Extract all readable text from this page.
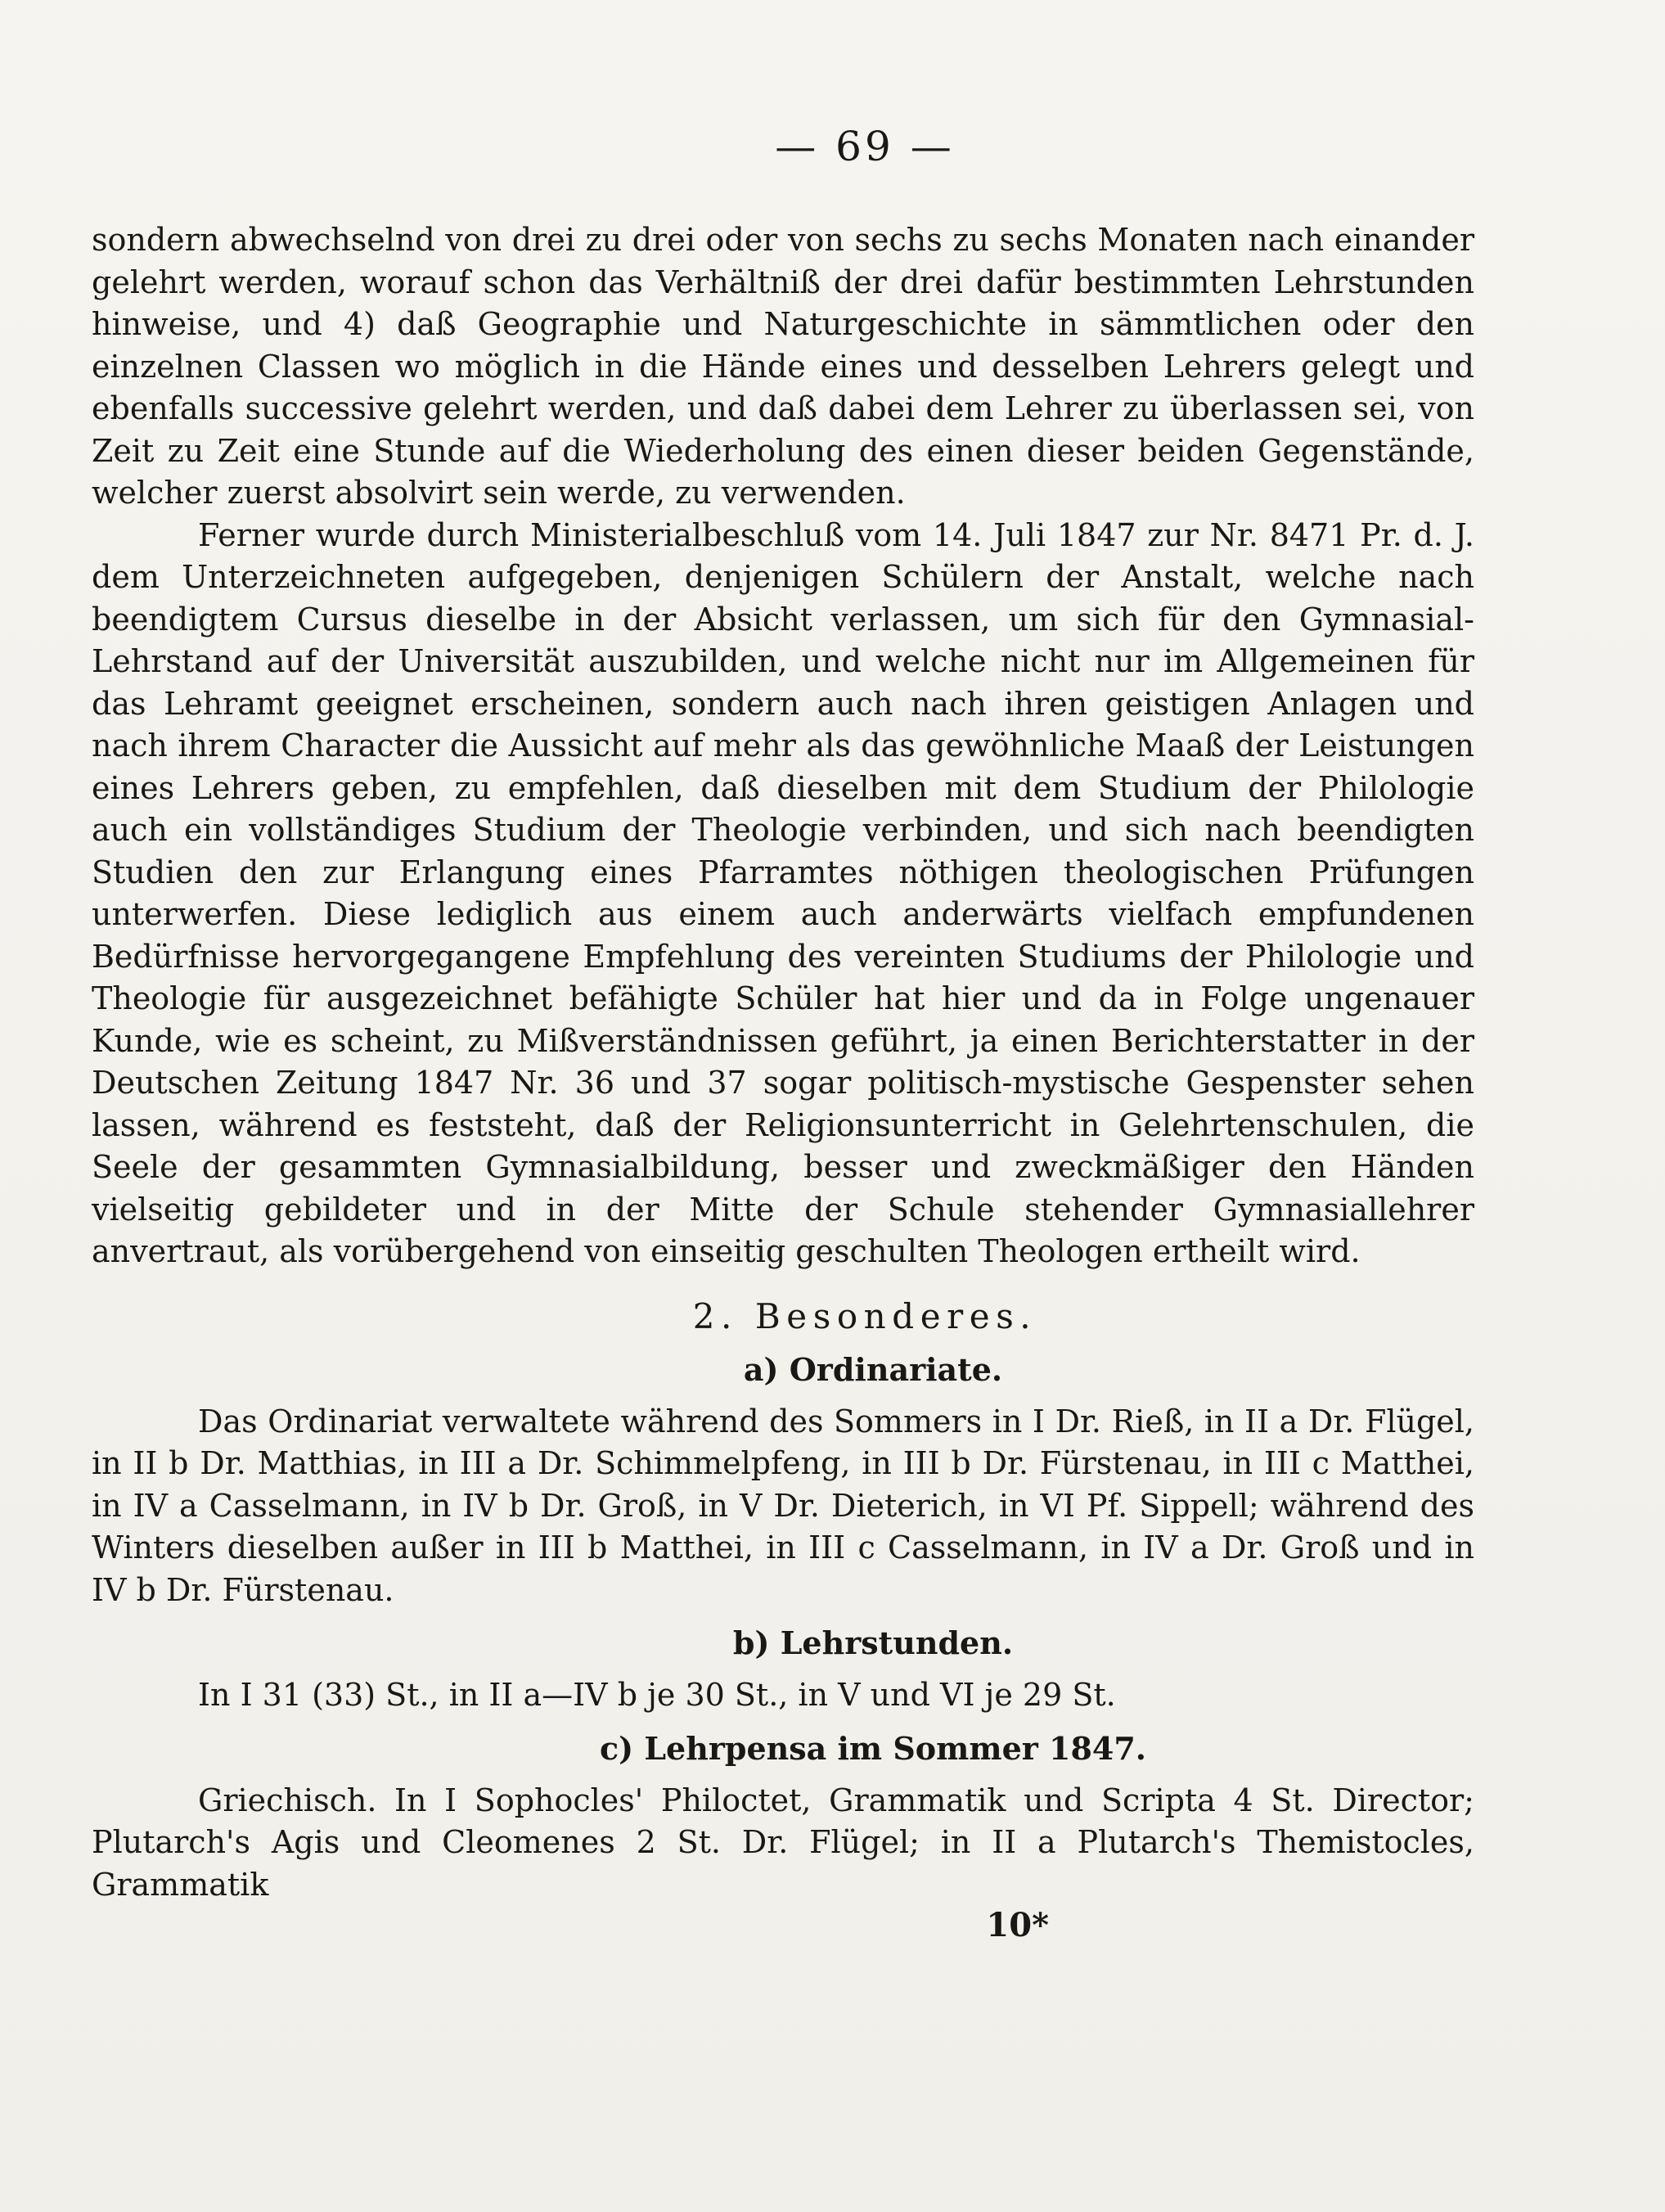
— 69 —

sondern abwechselnd von drei zu drei oder von sechs zu sechs Monaten nach einander gelehrt werden, worauf schon das Verhältniß der drei dafür bestimmten Lehrstunden hinweise, und 4) daß Geographie und Naturgeschichte in sämmtlichen oder den einzelnen Classen wo möglich in die Hände eines und desselben Lehrers gelegt und ebenfalls successive gelehrt werden, und daß dabei dem Lehrer zu überlassen sei, von Zeit zu Zeit eine Stunde auf die Wiederholung des einen dieser beiden Gegenstände, welcher zuerst absolvirt sein werde, zu verwenden.

Ferner wurde durch Ministerialbeschluß vom 14. Juli 1847 zur Nr. 8471 Pr. d. J. dem Unterzeichneten aufgegeben, denjenigen Schülern der Anstalt, welche nach beendigtem Cursus dieselbe in der Absicht verlassen, um sich für den Gymnasial-Lehrstand auf der Universität auszubilden, und welche nicht nur im Allgemeinen für das Lehramt geeignet erscheinen, sondern auch nach ihren geistigen Anlagen und nach ihrem Character die Aussicht auf mehr als das gewöhnliche Maaß der Leistungen eines Lehrers geben, zu empfehlen, daß dieselben mit dem Studium der Philologie auch ein vollständiges Studium der Theologie verbinden, und sich nach beendigten Studien den zur Erlangung eines Pfarramtes nöthigen theologischen Prüfungen unterwerfen. Diese lediglich aus einem auch anderwärts vielfach empfundenen Bedürfnisse hervorgegangene Empfehlung des vereinten Studiums der Philologie und Theologie für ausgezeichnet befähigte Schüler hat hier und da in Folge ungenauer Kunde, wie es scheint, zu Mißverständnissen geführt, ja einen Berichterstatter in der Deutschen Zeitung 1847 Nr. 36 und 37 sogar politisch-mystische Gespenster sehen lassen, während es feststeht, daß der Religionsunterricht in Gelehrtenschulen, die Seele der gesammten Gymnasialbildung, besser und zweckmäßiger den Händen vielseitig gebildeter und in der Mitte der Schule stehender Gymnasiallehrer anvertraut, als vorübergehend von einseitig geschulten Theologen ertheilt wird.

2. Besonderes.
a) Ordinariate.

Das Ordinariat verwaltete während des Sommers in I Dr. Rieß, in II a Dr. Flügel, in II b Dr. Matthias, in III a Dr. Schimmelpfeng, in III b Dr. Fürstenau, in III c Matthei, in IV a Casselmann, in IV b Dr. Groß, in V Dr. Dieterich, in VI Pf. Sippell; während des Winters dieselben außer in III b Matthei, in III c Casselmann, in IV a Dr. Groß und in IV b Dr. Fürstenau.

b) Lehrstunden.

In I 31 (33) St., in II a—IV b je 30 St., in V und VI je 29 St.

c) Lehrpensa im Sommer 1847.

Griechisch. In I Sophocles' Philoctet, Grammatik und Scripta 4 St. Director; Plutarch's Agis und Cleomenes 2 St. Dr. Flügel; in II a Plutarch's Themistocles, Grammatik

10*
